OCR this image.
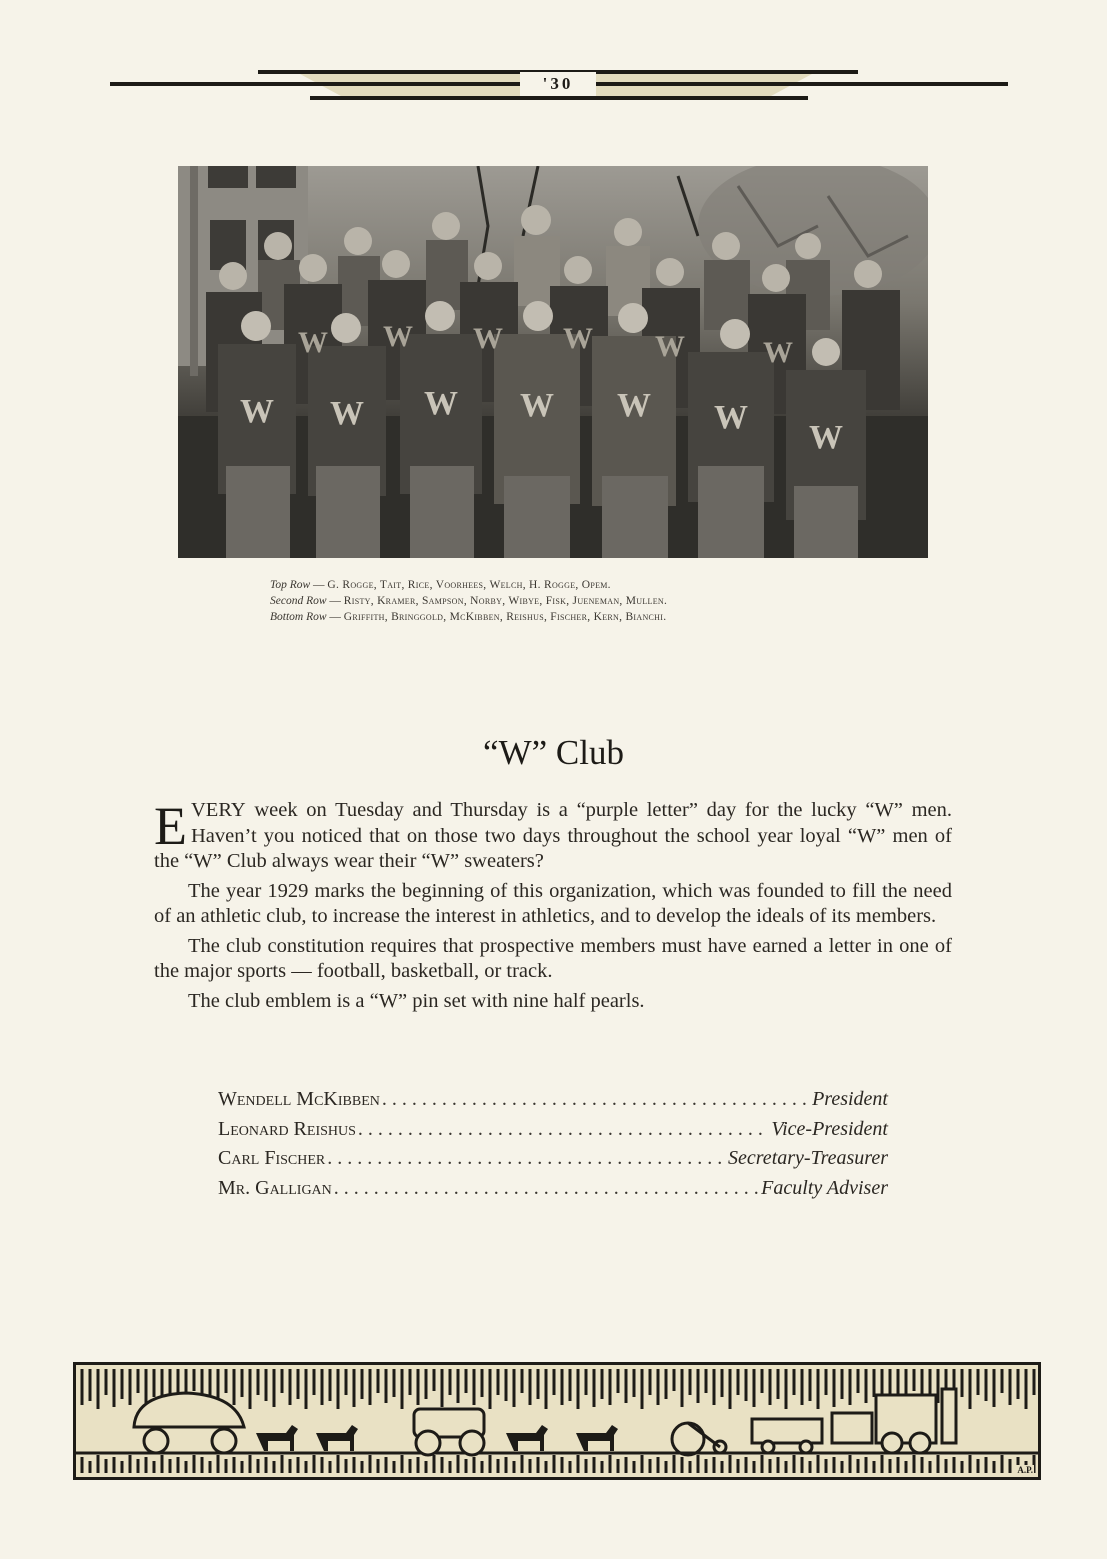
'30
W W W W W W
W
W W W W W	W
Top Row — G. Rogge, Tait, Rice, Voorhees, Welch, H. Rogge, Opem.
Second Row — Risty, Kramer, Sampson, Norby, Wibye, Fisk, Jueneman, Mullen.
Bottom Row — Griffith, Bringgold, McKibben, Reishus, Fischer, Kern, Bianchi.
“W” Club

EVERY week on Tuesday and Thursday is a “purple letter” day for the lucky “W” men. Haven’t you noticed that on those two days throughout the school year loyal “W” men of the “W” Club always wear their “W” sweaters?

The year 1929 marks the beginning of this organization, which was founded to fill the need of an athletic club, to increase the interest in athletics, and to develop the ideals of its members.

The club constitution requires that prospective members must have earned a letter in one of the major sports — football, basketball, or track.

The club emblem is a “W” pin set with nine half pearls.

Wendell McKibben . . .	President
Leonard Reishus . . .	Vice-President
Carl Fischer . . .	Secretary-Treasurer
Mr. Galligan . . .	Faculty Adviser
A.P.
